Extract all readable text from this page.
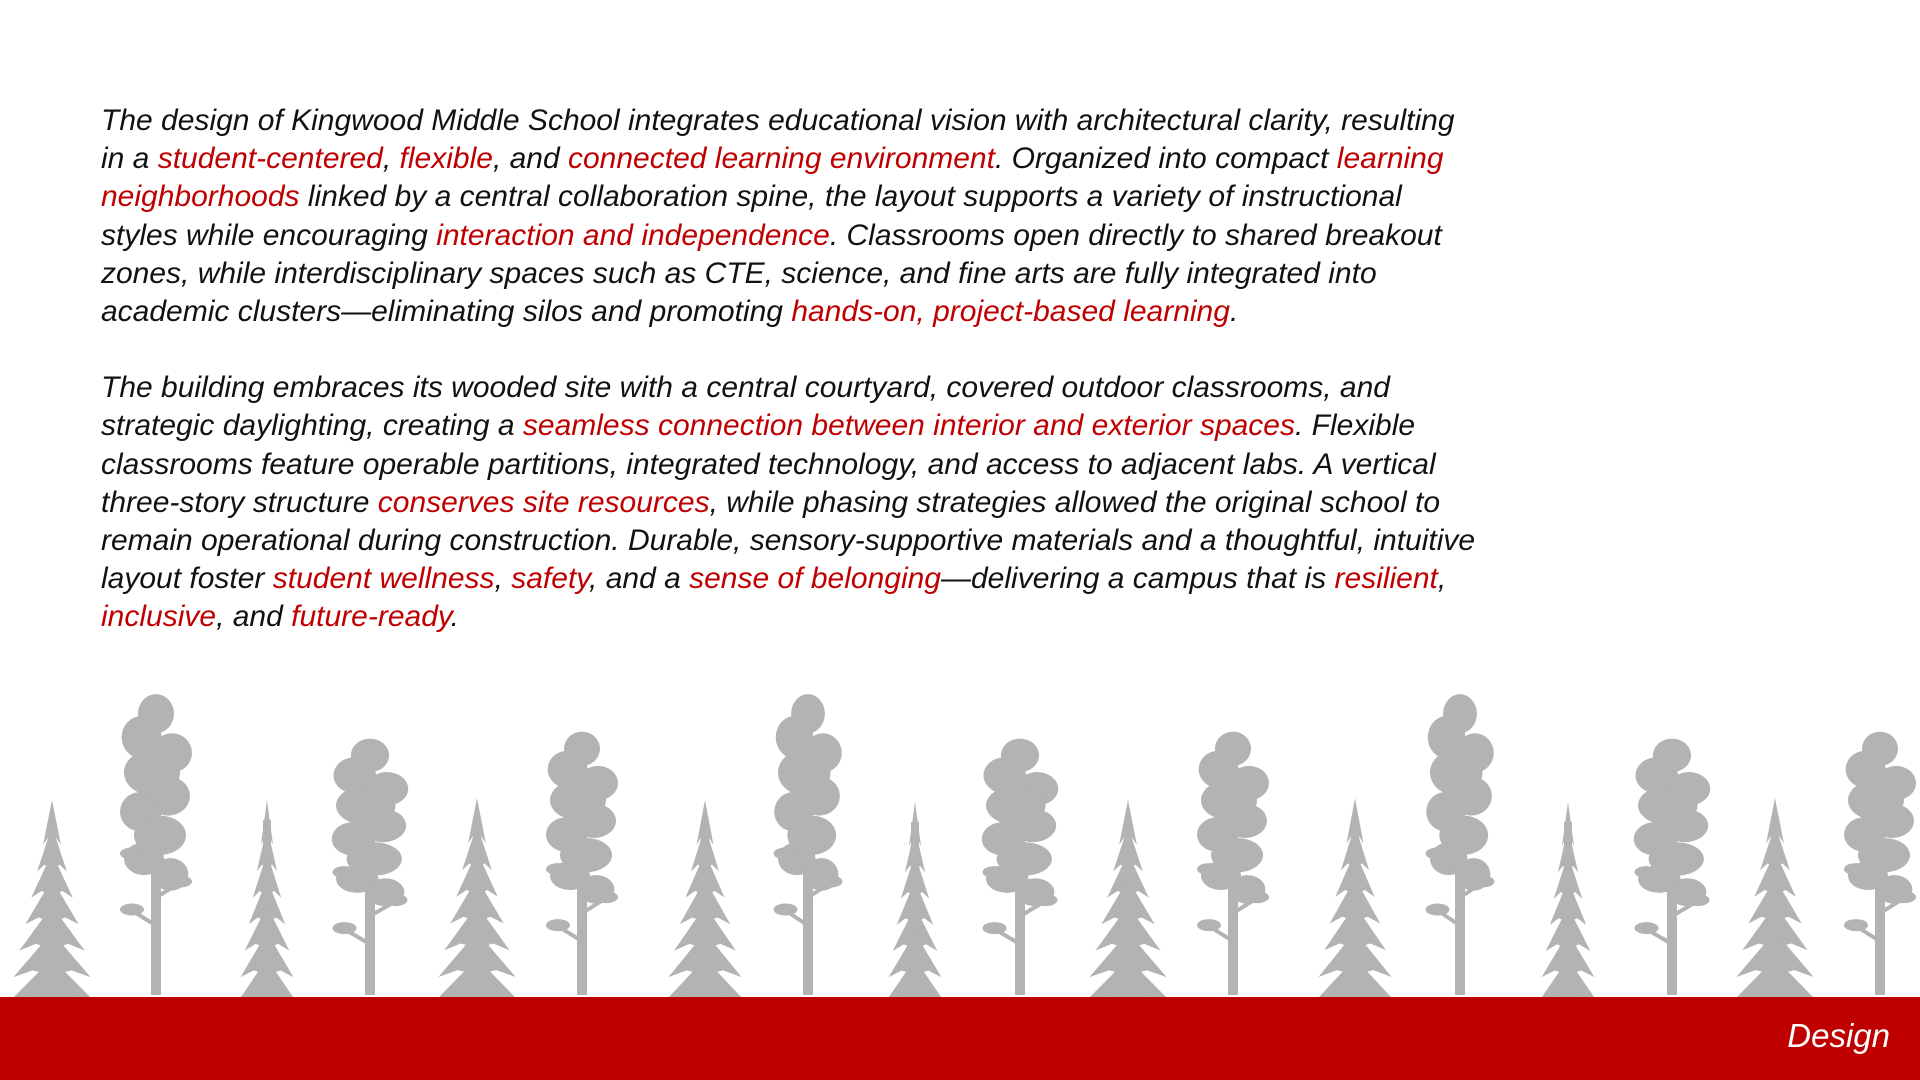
The design of Kingwood Middle School integrates educational vision with architectural clarity, resulting
in a student-centered, flexible, and connected learning environment. Organized into compact learning
neighborhoods linked by a central collaboration spine, the layout supports a variety of instructional
styles while encouraging interaction and independence. Classrooms open directly to shared breakout
zones, while interdisciplinary spaces such as CTE, science, and fine arts are fully integrated into
academic clusters—eliminating silos and promoting hands-on, project-based learning.

The building embraces its wooded site with a central courtyard, covered outdoor classrooms, and
strategic daylighting, creating a seamless connection between interior and exterior spaces. Flexible
classrooms feature operable partitions, integrated technology, and access to adjacent labs. A vertical
three-story structure conserves site resources, while phasing strategies allowed the original school to
remain operational during construction. Durable, sensory-supportive materials and a thoughtful, intuitive
layout foster student wellness, safety, and a sense of belonging—delivering a campus that is resilient,
inclusive, and future-ready.

Design
